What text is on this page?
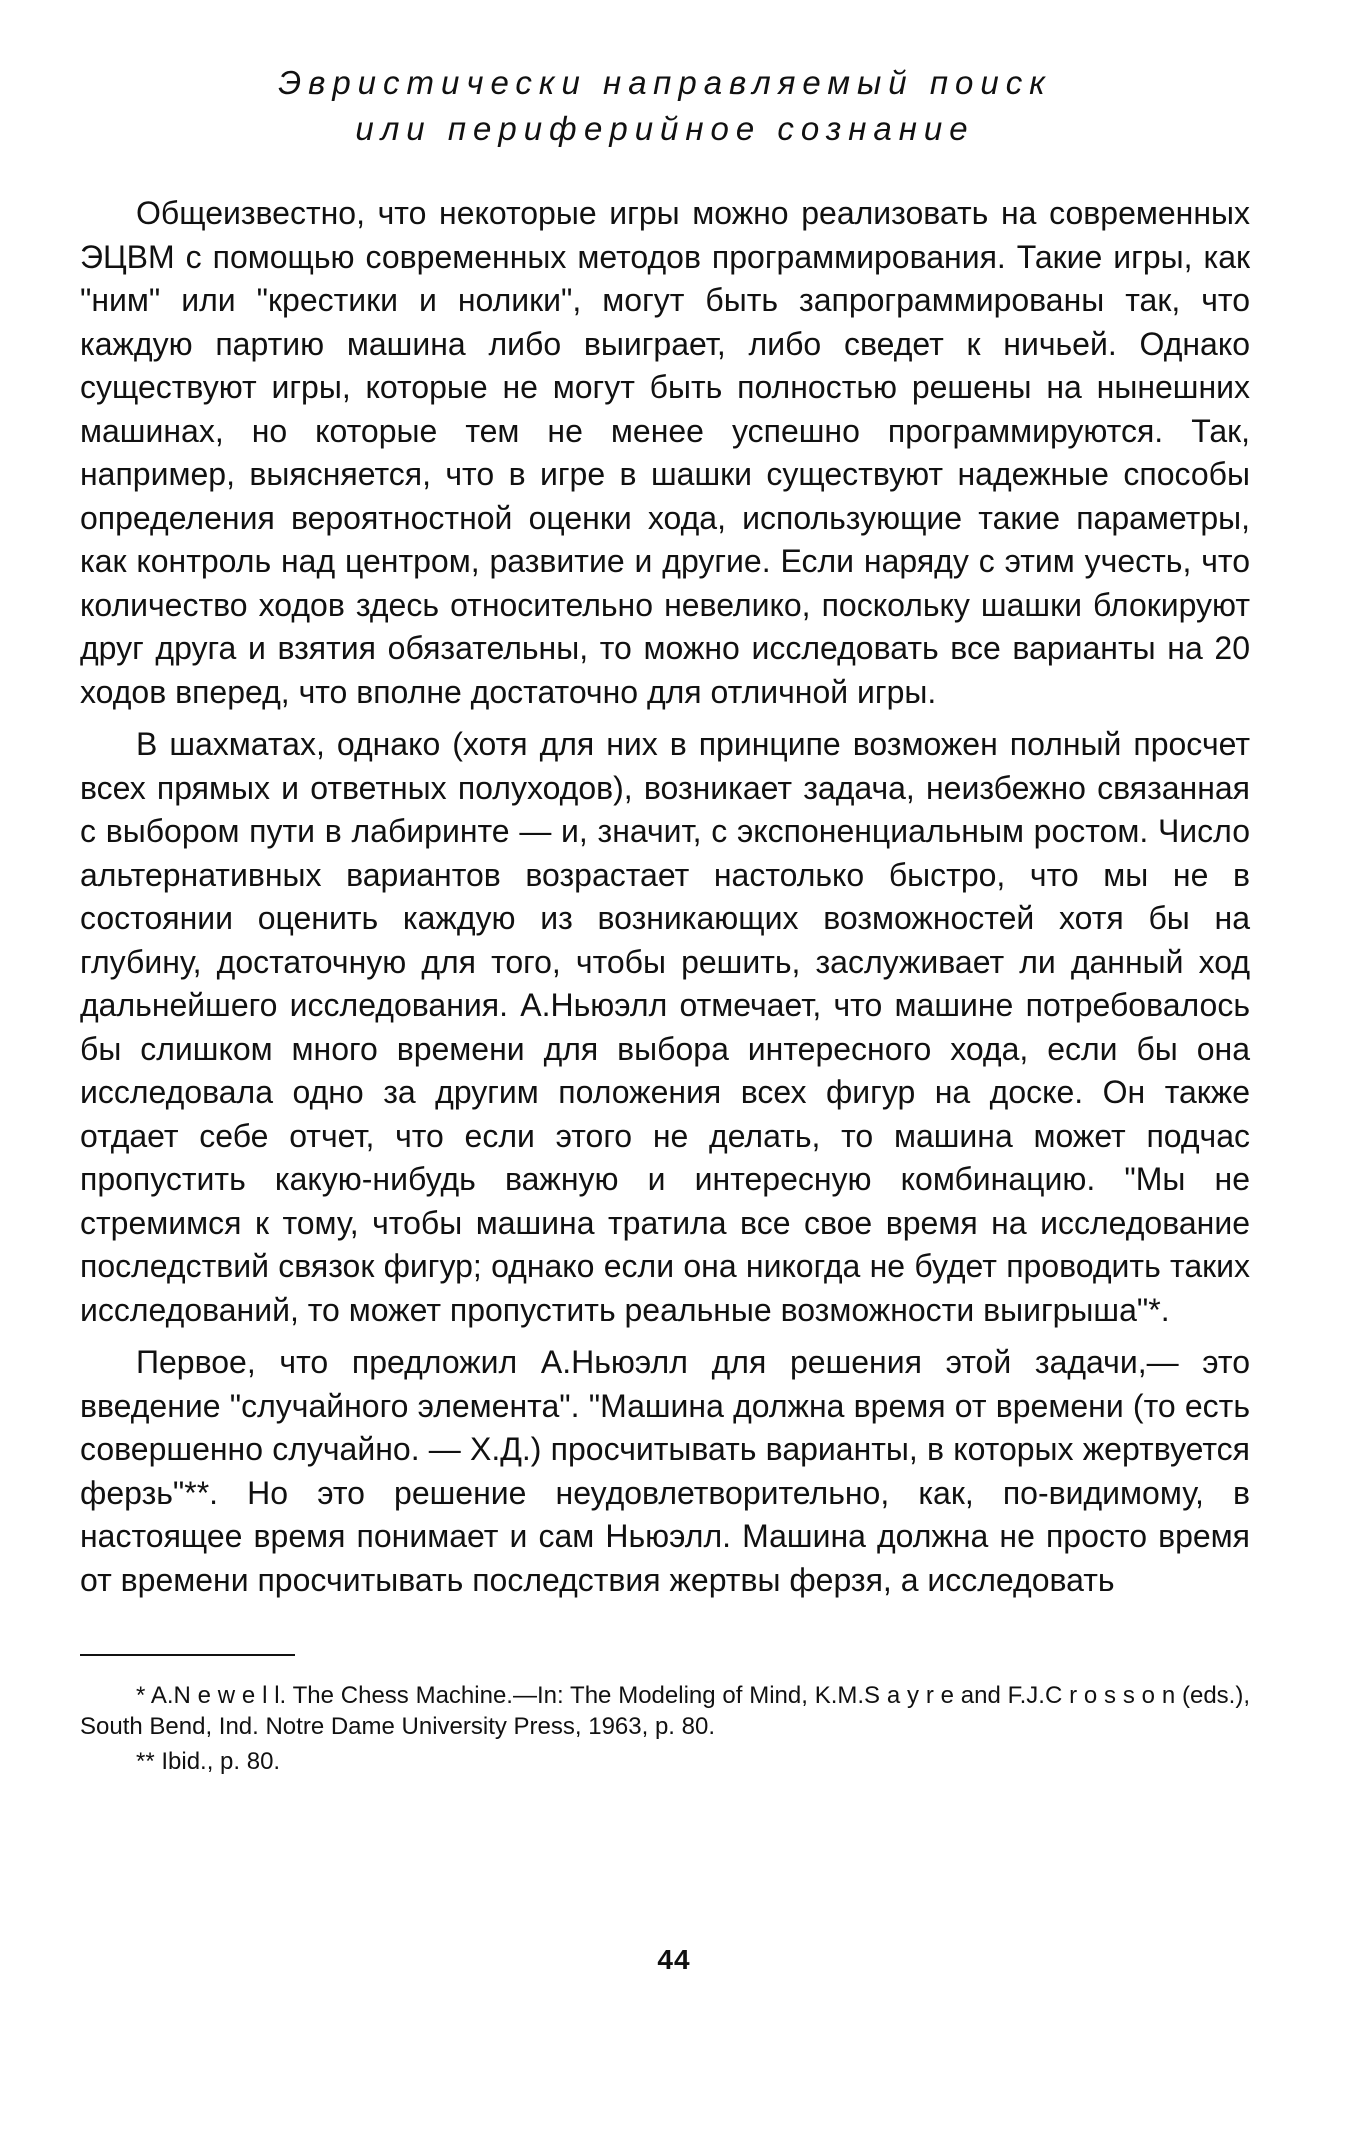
Эвристически направляемый поиск
или периферийное сознание

Общеизвестно, что некоторые игры можно реализовать на современных ЭЦВМ с помощью современных методов программирования. Такие игры, как "ним" или "крестики и нолики", могут быть запрограммированы так, что каждую партию машина либо выиграет, либо сведет к ничьей. Однако существуют игры, которые не могут быть полностью решены на нынешних машинах, но которые тем не менее успешно программируются. Так, например, выясняется, что в игре в шашки существуют надежные способы определения вероятностной оценки хода, использующие такие параметры, как контроль над центром, развитие и другие. Если наряду с этим учесть, что количество ходов здесь относительно невелико, поскольку шашки блокируют друг друга и взятия обязательны, то можно исследовать все варианты на 20 ходов вперед, что вполне достаточно для отличной игры.

В шахматах, однако (хотя для них в принципе возможен полный просчет всех прямых и ответных полуходов), возникает задача, неизбежно связанная с выбором пути в лабиринте — и, значит, с экспоненциальным ростом. Число альтернативных вариантов возрастает настолько быстро, что мы не в состоянии оценить каждую из возникающих возможностей хотя бы на глубину, достаточную для того, чтобы решить, заслуживает ли данный ход дальнейшего исследования. А.Ньюэлл отмечает, что машине потребовалось бы слишком много времени для выбора интересного хода, если бы она исследовала одно за другим положения всех фигур на доске. Он также отдает себе отчет, что если этого не делать, то машина может подчас пропустить какую-нибудь важную и интересную комбинацию. "Мы не стремимся к тому, чтобы машина тратила все свое время на исследование последствий связок фигур; однако если она никогда не будет проводить таких исследований, то может пропустить реальные возможности выигрыша"*.

Первое, что предложил А.Ньюэлл для решения этой задачи,— это введение "случайного элемента". "Машина должна время от времени (то есть совершенно случайно. — Х.Д.) просчитывать варианты, в которых жертвуется ферзь"**. Но это решение неудовлетворительно, как, по-видимому, в настоящее время понимает и сам Ньюэлл. Машина должна не просто время от времени просчитывать последствия жертвы ферзя, а исследовать

* A.N e w e l l. The Chess Machine.—In: The Modeling of Mind, K.M.S a y r e and F.J.C r o s s o n (eds.), South Bend, Ind. Notre Dame University Press, 1963, p. 80.

** Ibid., p. 80.

44
